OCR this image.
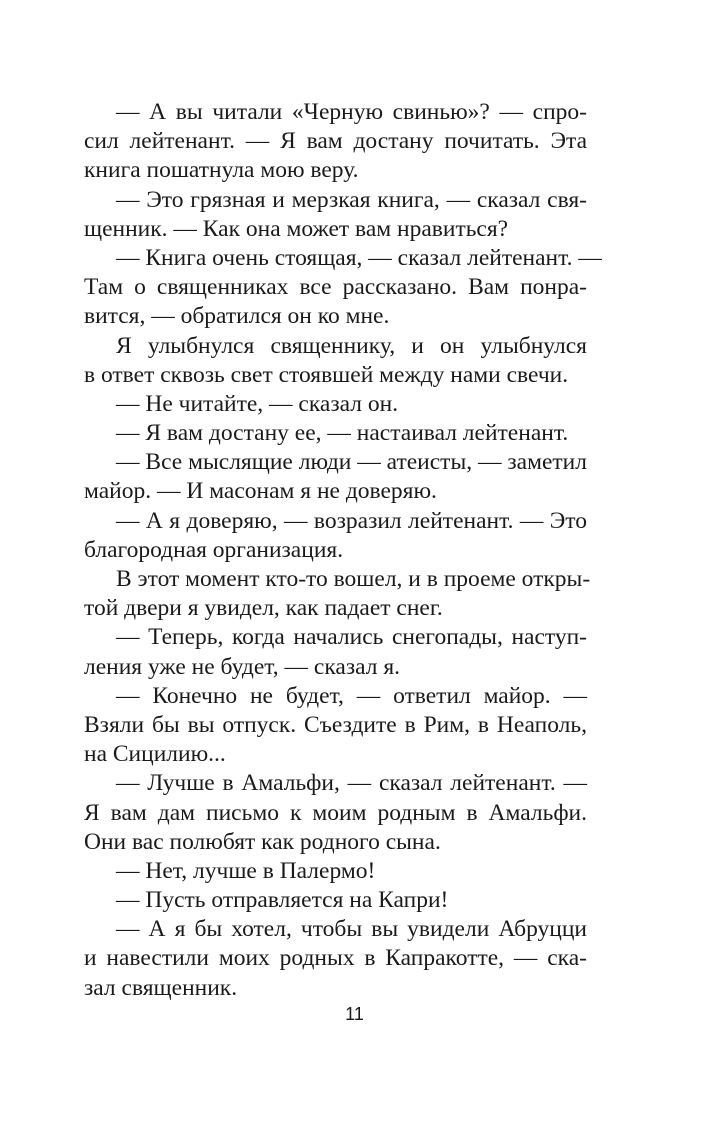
— А вы читали «Черную свинью»? — спро-
сил лейтенант. — Я вам достану почитать. Эта
книга пошатнула мою веру.
— Это грязная и мерзкая книга, — сказал свя-
щенник. — Как она может вам нравиться?
— Книга очень стоящая, — сказал лейтенант. —
Там о священниках все рассказано. Вам понра-
вится, — обратился он ко мне.
Я улыбнулся священнику, и он улыбнулся
в ответ сквозь свет стоявшей между нами свечи.
— Не читайте, — сказал он.
— Я вам достану ее, — настаивал лейтенант.
— Все мыслящие люди — атеисты, — заметил
майор. — И масонам я не доверяю.
— А я доверяю, — возразил лейтенант. — Это
благородная организация.
В этот момент кто-то вошел, и в проеме откры-
той двери я увидел, как падает снег.
— Теперь, когда начались снегопады, наступ-
ления уже не будет, — сказал я.
— Конечно не будет, — ответил майор. —
Взяли бы вы отпуск. Съездите в Рим, в Неаполь,
на Сицилию...
— Лучше в Амальфи, — сказал лейтенант. —
Я вам дам письмо к моим родным в Амальфи.
Они вас полюбят как родного сына.
— Нет, лучше в Палермо!
— Пусть отправляется на Капри!
— А я бы хотел, чтобы вы увидели Абруцци
и навестили моих родных в Капракотте, — ска-
зал священник.
11
